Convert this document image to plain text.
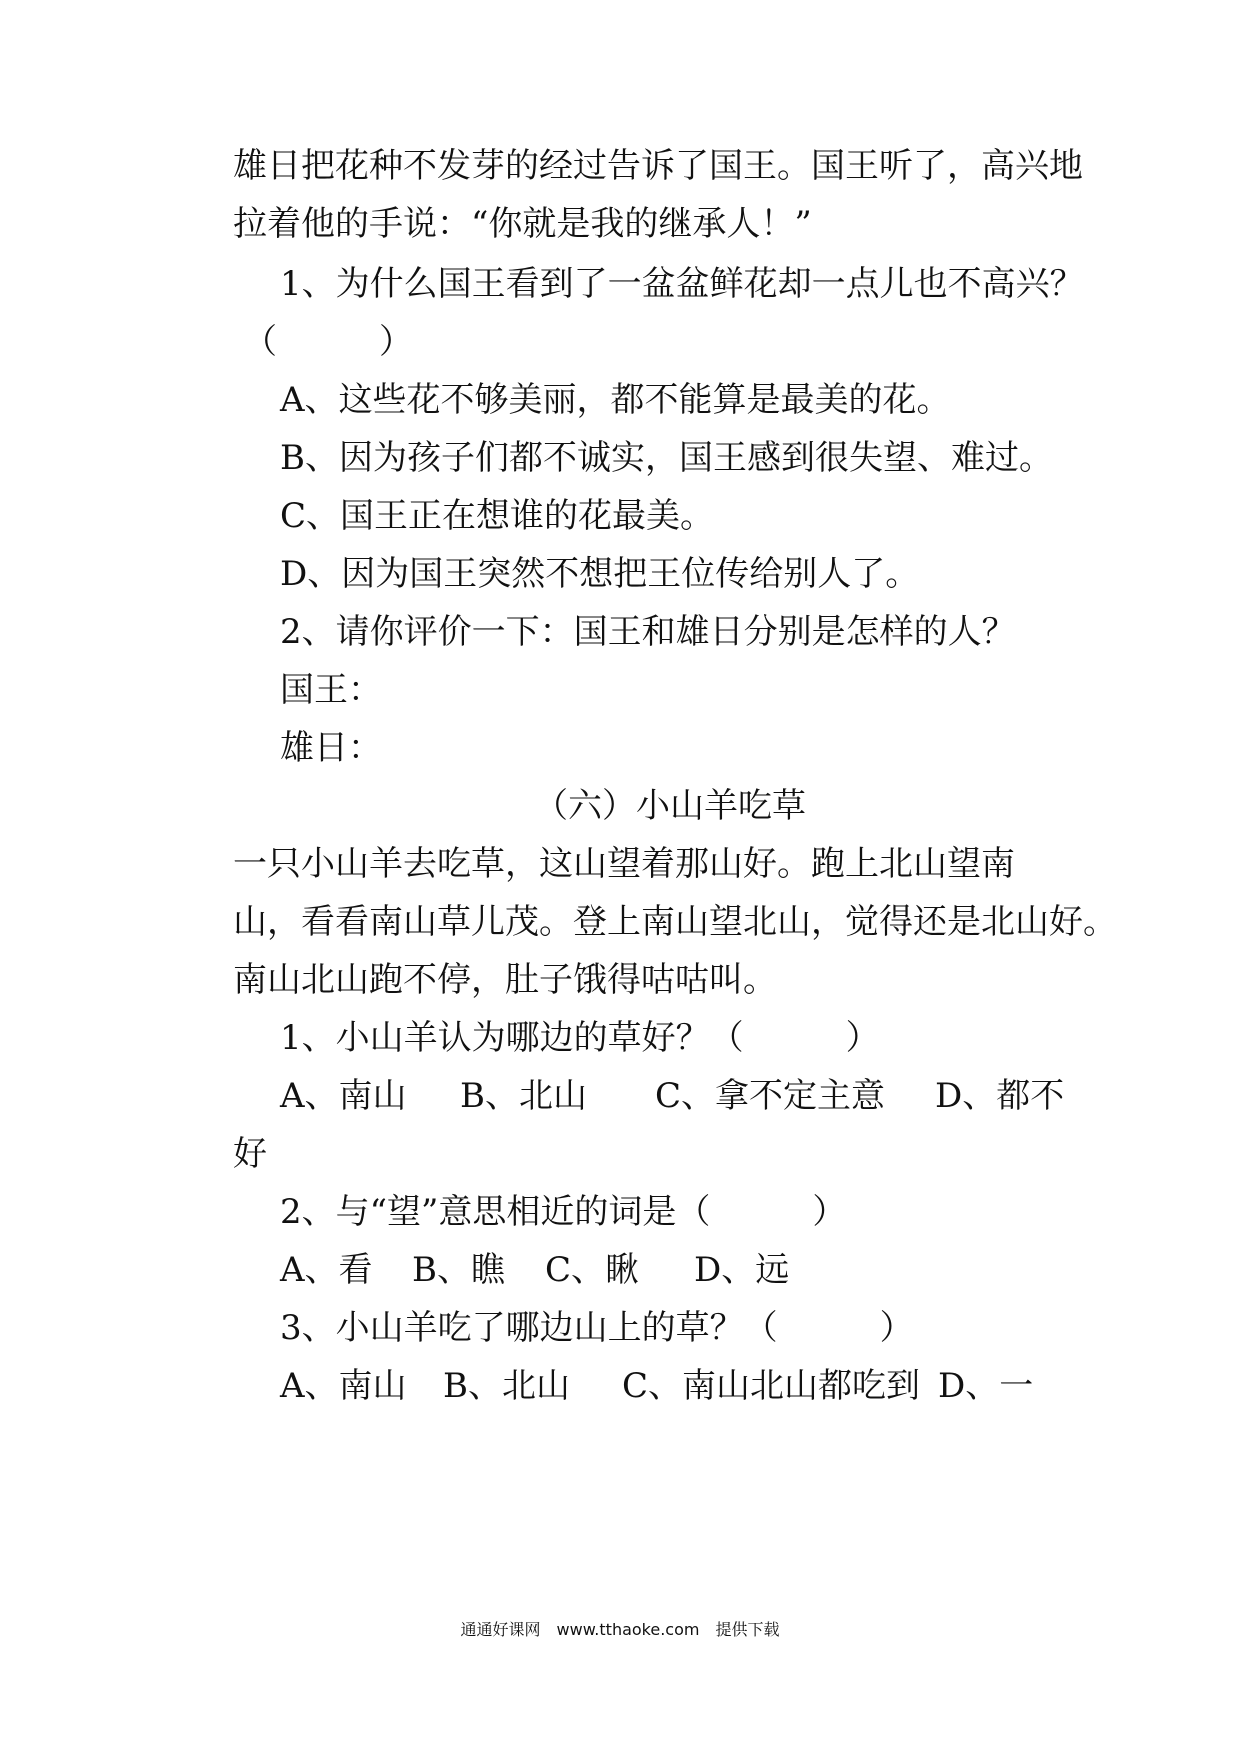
雄日把花种不发芽的经过告诉了国王。国王听了，高兴地
拉着他的手说：“你就是我的继承人！”
1、为什么国王看到了一盆盆鲜花却一点儿也不高兴？
（　　　）
A、这些花不够美丽，都不能算是最美的花。
B、因为孩子们都不诚实，国王感到很失望、难过。
C、国王正在想谁的花最美。
D、因为国王突然不想把王位传给别人了。
2、请你评价一下：国王和雄日分别是怎样的人？
国王：
雄日：
（六）小山羊吃草
一只小山羊去吃草，这山望着那山好。跑上北山望南
山，看看南山草儿茂。登上南山望北山，觉得还是北山好。
南山北山跑不停，肚子饿得咕咕叫。
1、小山羊认为哪边的草好？（　　　）
A、南山 B、北山 C、拿不定主意 D、都不
好
2、与“望”意思相近的词是（　　　）
A、看 B、瞧 C、瞅 D、远
3、小山羊吃了哪边山上的草？（　　　）
A、南山 B、北山 C、南山北山都吃到 D、一
通通好课网　www.tthaoke.com　提供下载
